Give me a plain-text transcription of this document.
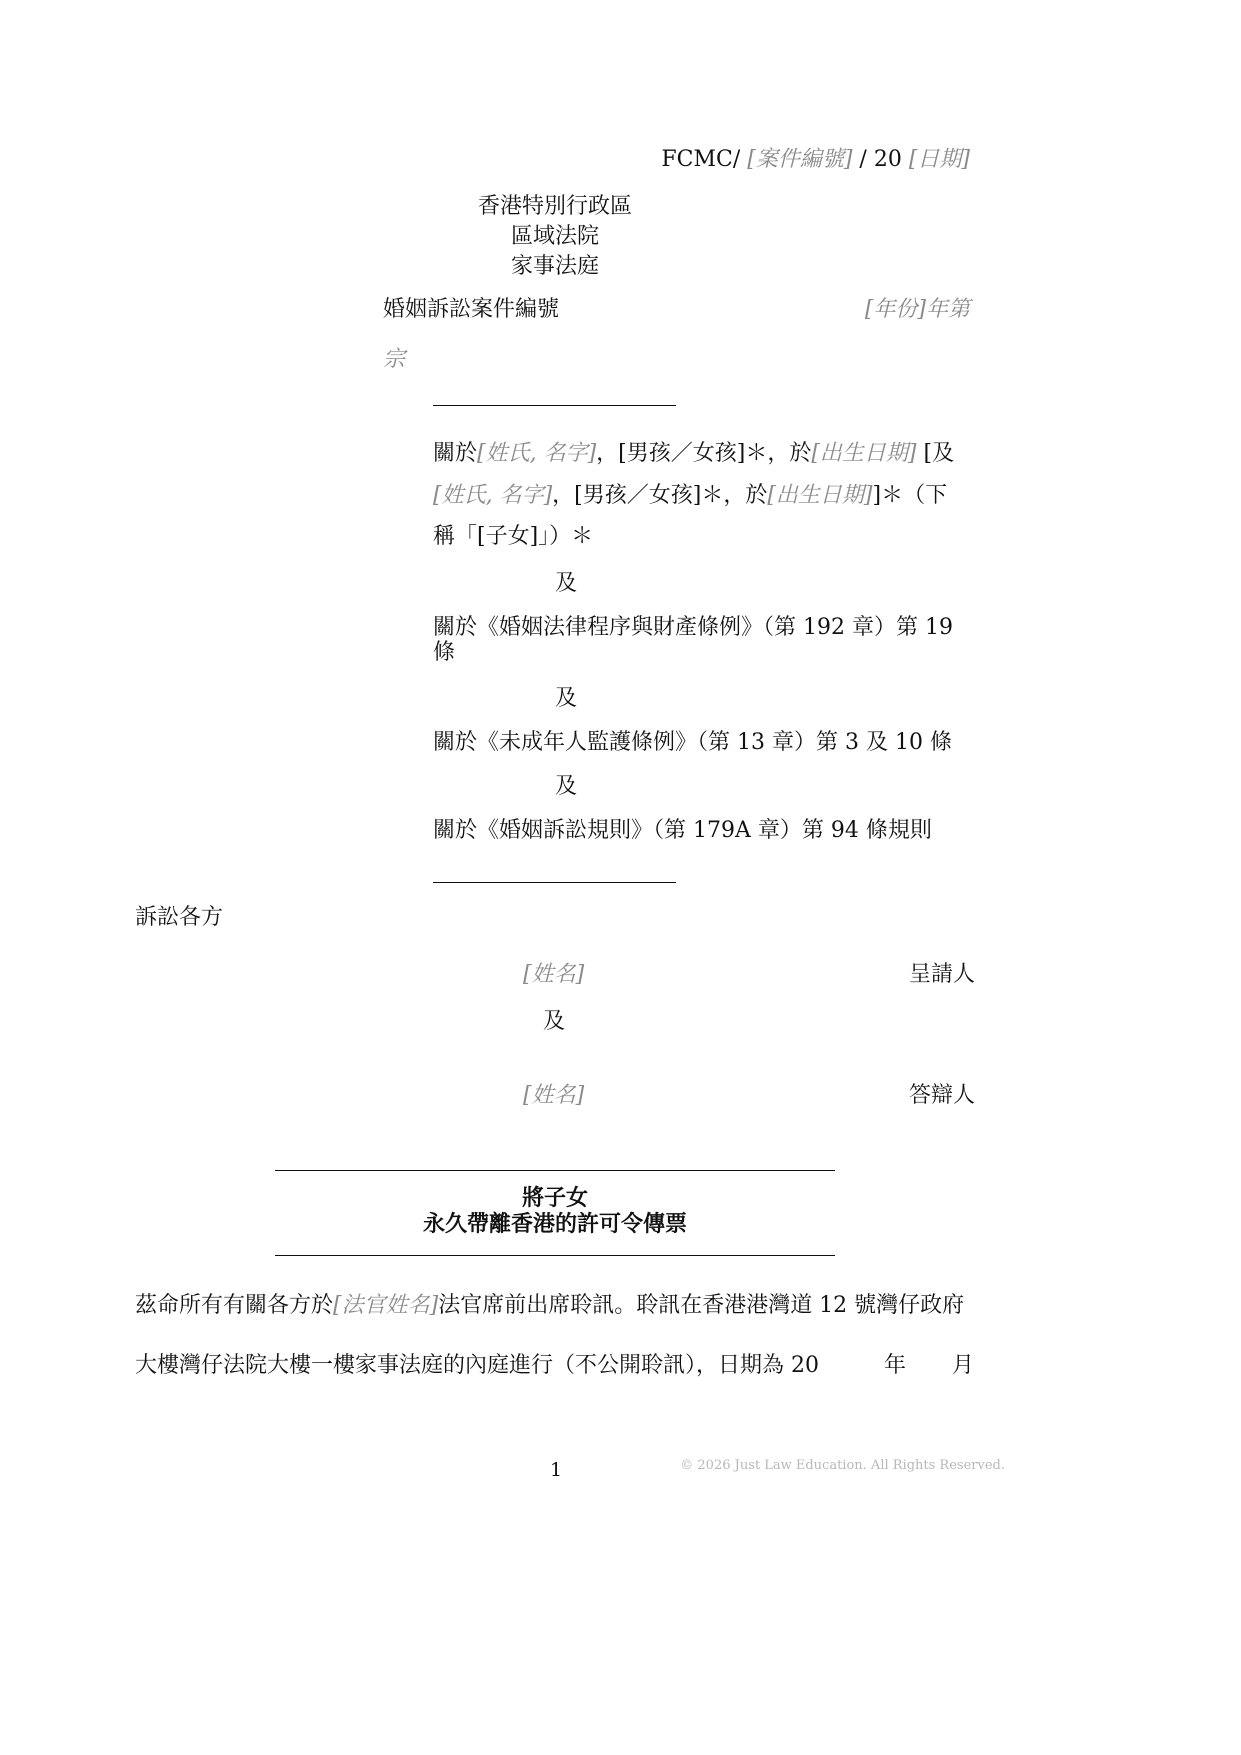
FCMC/ [案件編號] / 20 [日期]
香港特別行政區
區域法院
家事法庭
婚姻訴訟案件編號	[年份]年第
宗
關於[姓氏, 名字]，[男孩／女孩]＊，於[出生日期] [及
[姓氏, 名字]，[男孩／女孩]＊，於[出生日期]]＊（下
稱「[子女]」）＊
及
關於《婚姻法律程序與財產條例》（第 192 章）第 19
條
及
關於《未成年人監護條例》（第 13 章）第 3 及 10 條
及
關於《婚姻訴訟規則》（第 179A 章）第 94 條規則
訴訟各方
[姓名]	呈請人
及
[姓名]	答辯人
將子女
永久帶離香港的許可令傳票
茲命所有有關各方於[法官姓名]法官席前出席聆訊。聆訊在香港港灣道 12 號灣仔政府
大樓灣仔法院大樓一樓家事法庭的內庭進行（不公開聆訊），日期為 20	年 月
1	© 2026 Just Law Education. All Rights Reserved.
